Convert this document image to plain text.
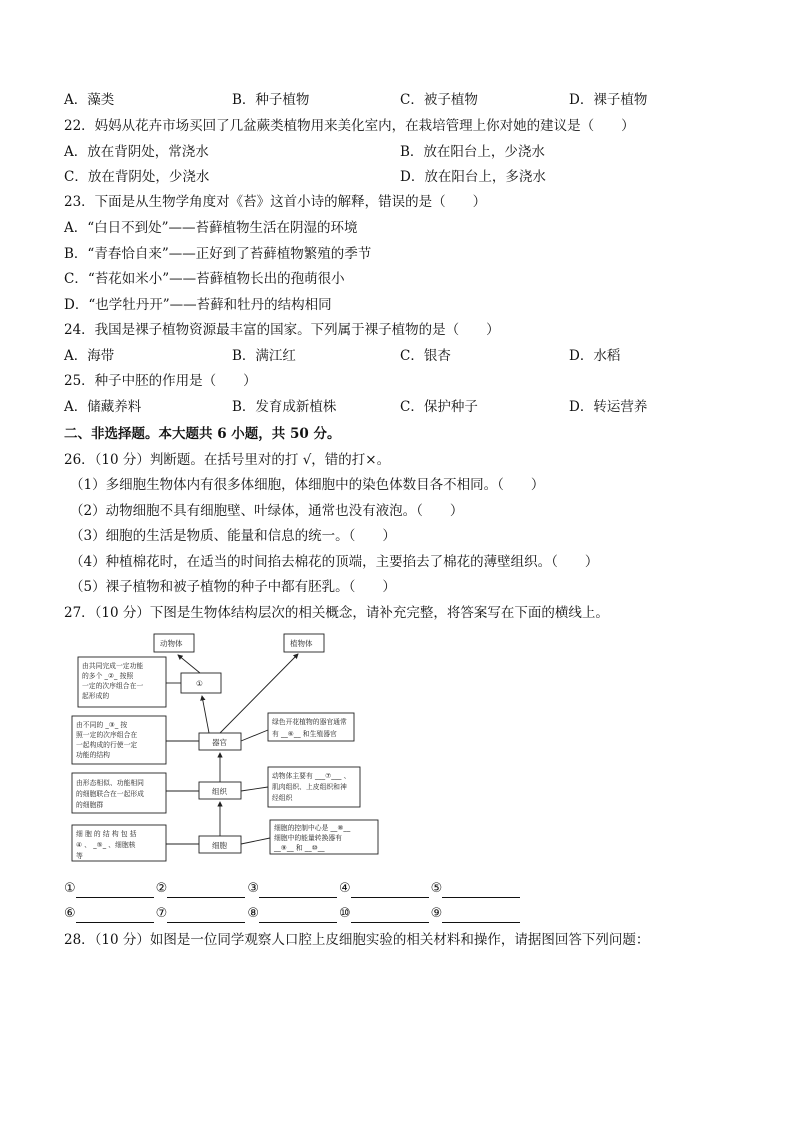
A．藻类	B．种子植物	C．被子植物	D．裸子植物
22．妈妈从花卉市场买回了几盆蕨类植物用来美化室内，在栽培管理上你对她的建议是（　　）
A．放在背阴处，常浇水	B．放在阳台上，少浇水
C．放在背阴处，少浇水	D．放在阳台上，多浇水
23．下面是从生物学角度对《苔》这首小诗的解释，错误的是（　　）
A．“白日不到处”——苔藓植物生活在阴湿的环境
B．“青春恰自来”——正好到了苔藓植物繁殖的季节
C．“苔花如米小”——苔藓植物长出的孢萌很小
D．“也学牡丹开”——苔藓和牡丹的结构相同
24．我国是裸子植物资源最丰富的国家。下列属于裸子植物的是（　　）
A．海带	B．满江红	C．银杏	D．水稻
25．种子中胚的作用是（　　）
A．储藏养料	B．发育成新植株	C．保护种子	D．转运营养
二、非选择题。本大题共 6 小题，共 50 分。
26．（10 分）判断题。在括号里对的打 √，错的打×。
（1）多细胞生物体内有很多体细胞，体细胞中的染色体数目各不相同。（　　）
（2）动物细胞不具有细胞壁、叶绿体，通常也没有液泡。（　　）
（3）细胞的生活是物质、能量和信息的统一。（　　）
（4）种植棉花时，在适当的时间掐去棉花的顶端，主要掐去了棉花的薄壁组织。（　　）
（5）裸子植物和被子植物的种子中都有胚乳。（　　）
27．（10 分）下图是生物体结构层次的相关概念，请补充完整，将答案写在下面的横线上。
动物体	植物体
①
器官
组织
细胞
由共同完成一定功能
的多个 _②_ 按照
一定的次序组合在一
起形成的
由不同的 _③_ 按
照一定的次序组合在
一起构成的行使一定
功能的结构
由形态相似、功能相同
的细胞联合在一起形成
的细胞群
细 胞 的 结 构 包 括
④ 、 _⑤_ 、细胞核
等
绿色开花植物的器官通常
有 __⑥__ 和生殖器官
动物体主要有 ___⑦___ 、
肌肉组织、上皮组织和神
经组织
细胞的控制中心是 __⑧__
细胞中的能量转换器有
__⑨__ 和 __⑩__
①	②	③	④	⑤
⑥	⑦	⑧	⑩	⑨
28．（10 分）如图是一位同学观察人口腔上皮细胞实验的相关材料和操作，请据图回答下列问题：
